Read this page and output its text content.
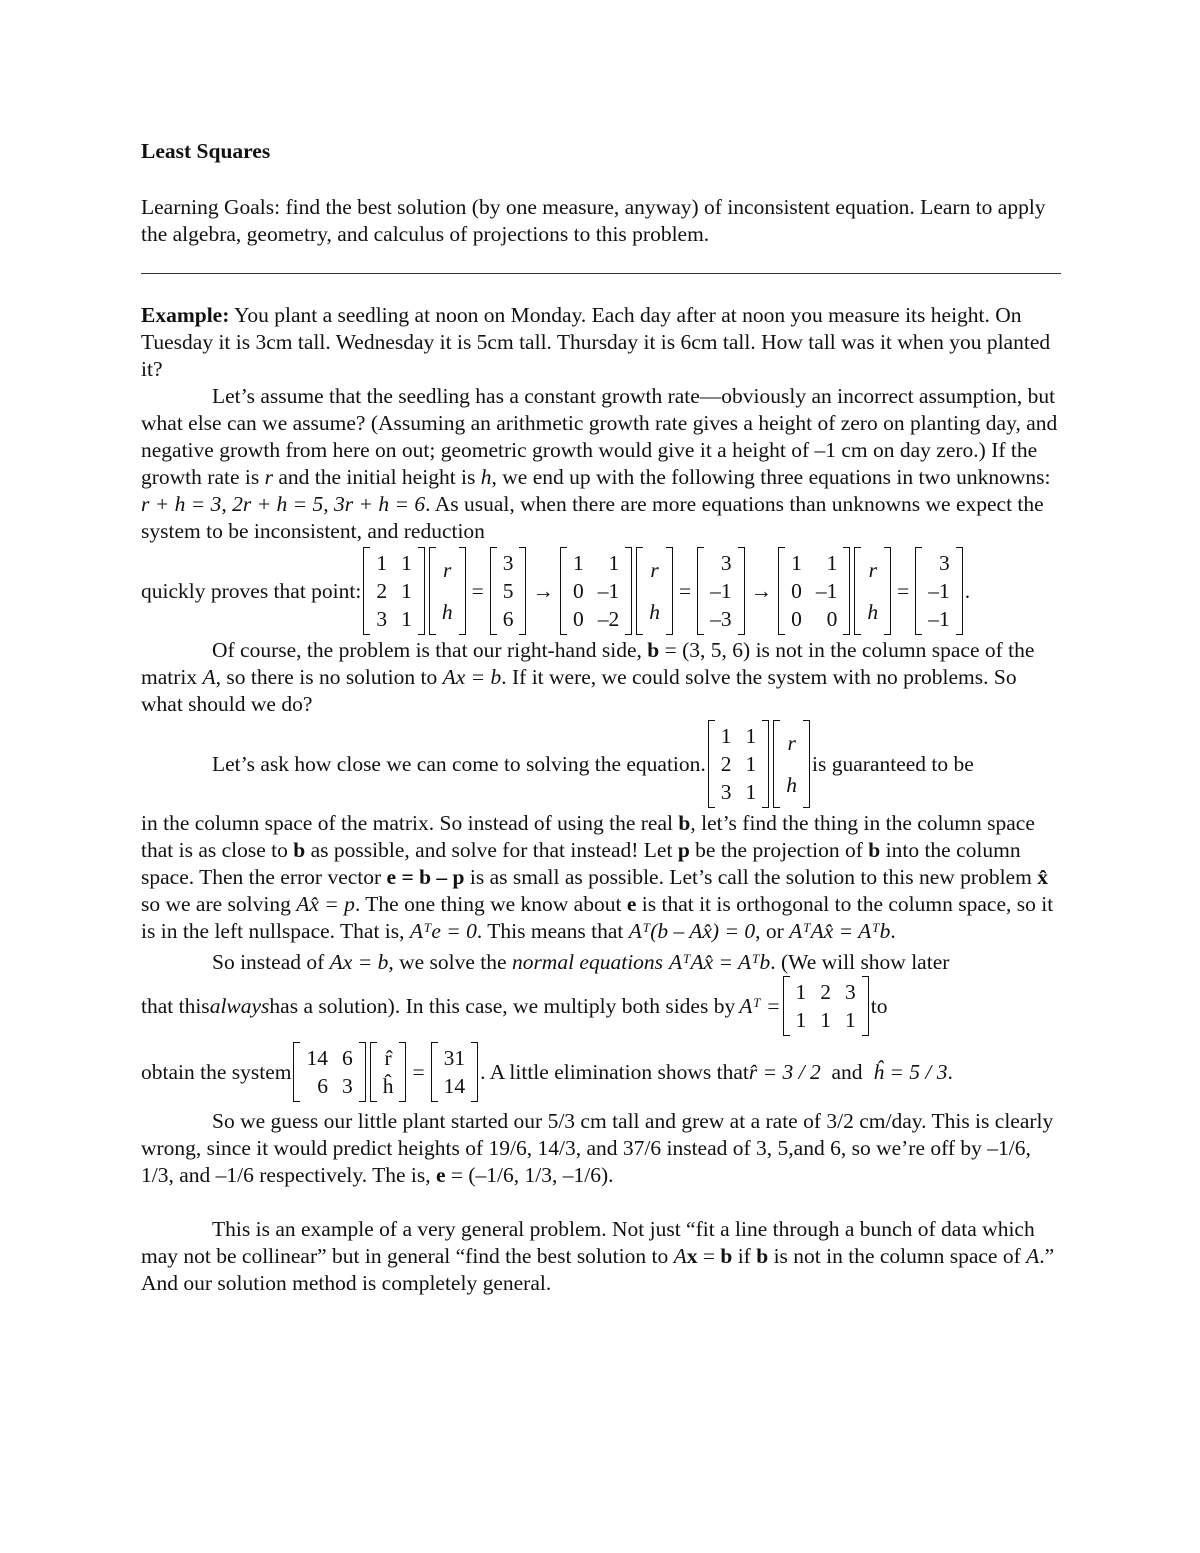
Least Squares

Learning Goals: find the best solution (by one measure, anyway) of inconsistent equation. Learn to apply the algebra, geometry, and calculus of projections to this problem.

Example: You plant a seedling at noon on Monday. Each day after at noon you measure its height. On Tuesday it is 3cm tall. Wednesday it is 5cm tall. Thursday it is 6cm tall. How tall was it when you planted it?

Let’s assume that the seedling has a constant growth rate—obviously an incorrect assumption, but what else can we assume? (Assuming an arithmetic growth rate gives a height of zero on planting day, and negative growth from here on out; geometric growth would give it a height of –1 cm on day zero.) If the growth rate is r and the initial height is h, we end up with the following three equations in two unknowns: r + h = 3, 2r + h = 5, 3r + h = 6. As usual, when there are more equations than unknowns we expect the system to be inconsistent, and reduction

quickly proves that point:
1 1
2 1
3 1
r
h
=
3
5
6
→
1	1
0 –1
0 –2
r
h
=
3
–1
–3
→
1	1
0 –1
0	0
r
h
=
3
–1
–1
.

Of course, the problem is that our right-hand side, b = (3, 5, 6) is not in the column space of the matrix A, so there is no solution to Ax = b. If it were, we could solve the system with no problems. So what should we do?

Let’s ask how close we can come to solving the equation.
1 1
2 1
3 1
r
h
is guaranteed to be

in the column space of the matrix. So instead of using the real b, let’s find the thing in the column space that is as close to b as possible, and solve for that instead! Let p be the projection of b into the column space. Then the error vector e = b – p is as small as possible. Let’s call the solution to this new problem x̂ so we are solving Ax̂ = p. The one thing we know about e is that it is orthogonal to the column space, so it is in the left nullspace. That is, Aᵀe = 0. This means that Aᵀ(b – Ax̂) = 0, or AᵀAx̂ = Aᵀb.

So instead of Ax = b, we solve the normal equations AᵀAx̂ = Aᵀb. (We will show later

that this always has a solution). In this case, we multiply both sides by Aᵀ =
1 2 3
1 1 1
to
obtain the system
14 6
6 3
r̂
ĥ
=
31
14
. A little elimination shows that r̂ = 3 / 2 and ĥ = 5 / 3 .

So we guess our little plant started our 5/3 cm tall and grew at a rate of 3/2 cm/day. This is clearly wrong, since it would predict heights of 19/6, 14/3, and 37/6 instead of 3, 5,and 6, so we’re off by –1/6, 1/3, and –1/6 respectively. The is, e = (–1/6, 1/3, –1/6).

This is an example of a very general problem. Not just “fit a line through a bunch of data which may not be collinear” but in general “find the best solution to Ax = b if b is not in the column space of A.” And our solution method is completely general.
